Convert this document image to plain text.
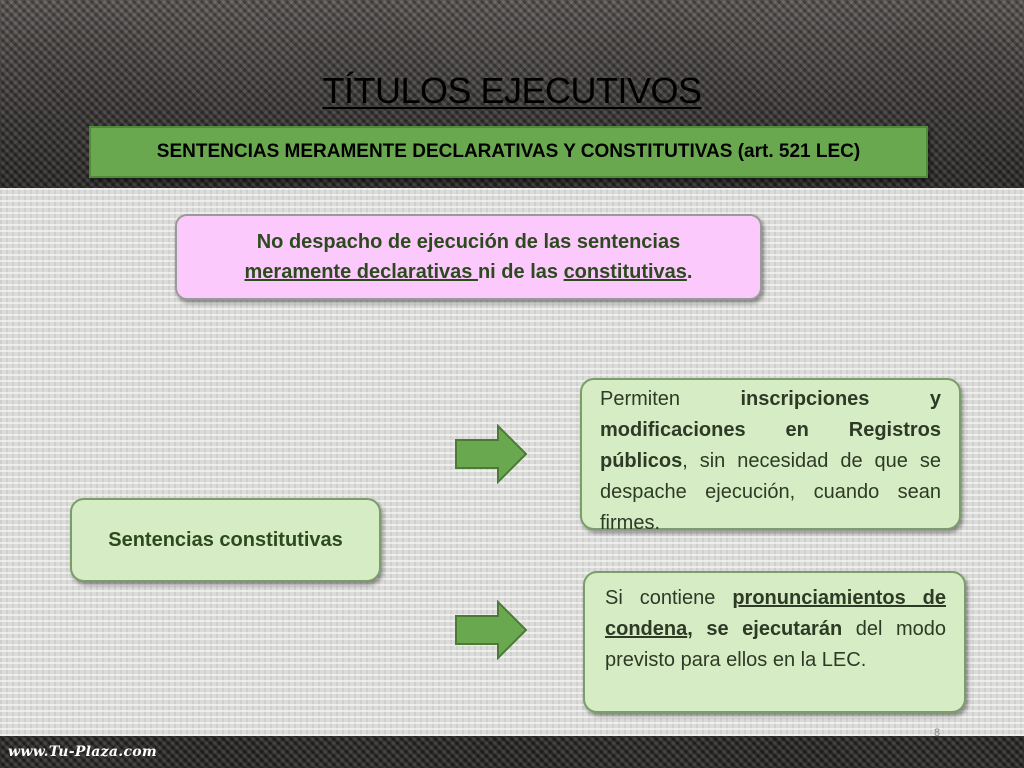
TÍTULOS EJECUTIVOS
SENTENCIAS MERAMENTE DECLARATIVAS Y CONSTITUTIVAS (art. 521 LEC)
No despacho de ejecución de las sentencias
meramente declarativas ni de las constitutivas.
Sentencias constitutivas
Permiten inscripciones y modificaciones en Registros públicos, sin necesidad de que se despache ejecución, cuando sean firmes.
Si contiene pronunciamientos de condena, se ejecutarán del modo previsto para ellos en la LEC.
8
www.Tu-Plaza.com
